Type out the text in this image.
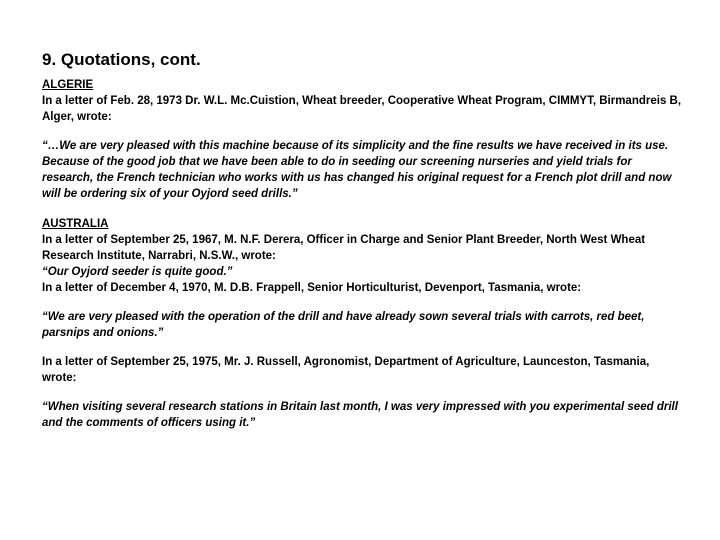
9. Quotations, cont.
ALGERIE
In a letter of Feb. 28, 1973 Dr. W.L. Mc.Cuistion, Wheat breeder, Cooperative Wheat Program, CIMMYT, Birmandreis B, Alger, wrote:
“…We are very pleased with this machine because of its simplicity and the fine results we have received in its use. Because of the good job that we have been able to do in seeding our screening nurseries and yield trials for research, the French technician who works with us has changed his original request for a French plot drill and now will be ordering six of your Oyjord seed drills.”
AUSTRALIA
In a letter of September 25, 1967, M. N.F. Derera, Officer in Charge and Senior Plant Breeder, North West Wheat Research Institute, Narrabri, N.S.W., wrote:
“Our Oyjord seeder is quite good.”
In a letter of December 4, 1970, M. D.B. Frappell, Senior Horticulturist, Devenport, Tasmania, wrote:
“We are very pleased with the operation of the drill and have already sown several trials with carrots, red beet, parsnips and onions.”
In a letter of September 25, 1975, Mr. J. Russell, Agronomist, Department of Agriculture, Launceston, Tasmania, wrote:
“When visiting several research stations in Britain last month, I was very impressed with you experimental seed drill and the comments of officers using it.”
